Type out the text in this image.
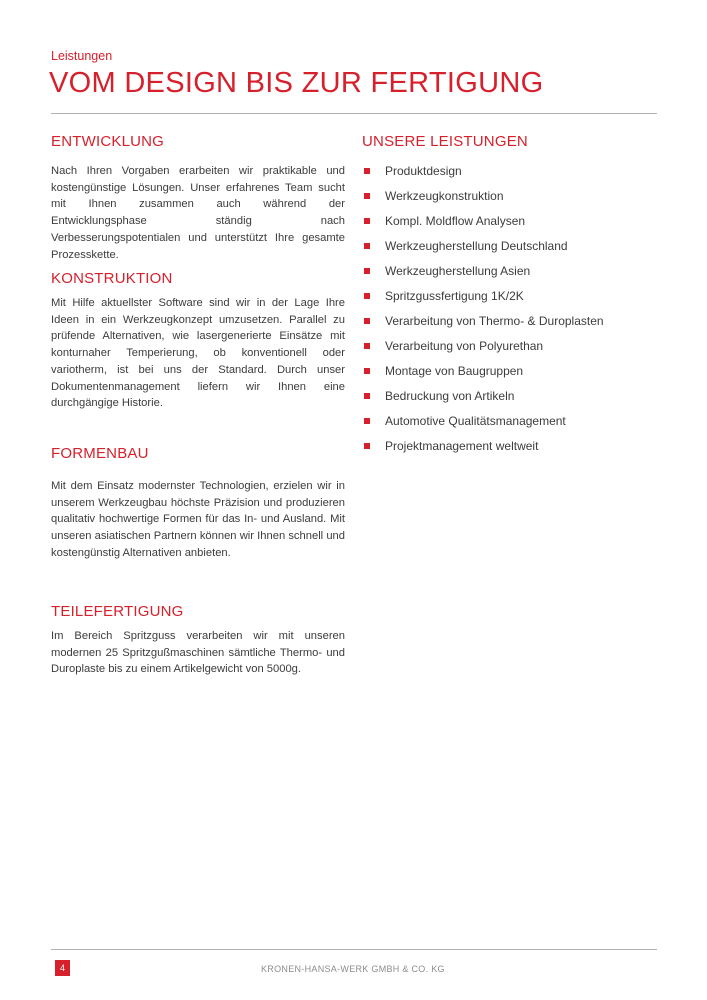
Leistungen
VOM DESIGN BIS ZUR FERTIGUNG
ENTWICKLUNG

Nach Ihren Vorgaben erarbeiten wir praktikable und kostengünstige Lösungen. Unser erfahrenes Team sucht mit Ihnen zusammen auch während der Entwicklungsphase ständig nach Verbesserungspotentialen und unterstützt Ihre gesamte Prozesskette.

KONSTRUKTION

Mit Hilfe aktuellster Software sind wir in der Lage Ihre Ideen in ein Werkzeugkonzept umzusetzen. Parallel zu prüfende Alternativen, wie lasergenerierte Einsätze mit konturnaher Temperierung, ob konventionell oder variotherm, ist bei uns der Standard. Durch unser Dokumentenmanagement liefern wir Ihnen eine durchgängige Historie.

FORMENBAU

Mit dem Einsatz modernster Technologien, erzielen wir in unserem Werkzeugbau höchste Präzision und produzieren qualitativ hochwertige Formen für das In- und Ausland. Mit unseren asiatischen Partnern können wir Ihnen schnell und kostengünstig Alternativen anbieten.

TEILEFERTIGUNG

Im Bereich Spritzguss verarbeiten wir mit unseren modernen 25 Spritzgußmaschinen sämtliche Thermo- und Duroplaste bis zu einem Artikelgewicht von 5000g.

UNSERE LEISTUNGEN
Produktdesign
Werkzeugkonstruktion
Kompl. Moldflow Analysen
Werkzeugherstellung Deutschland
Werkzeugherstellung Asien
Spritzgussfertigung 1K/2K
Verarbeitung von Thermo- & Duroplasten
Verarbeitung von Polyurethan
Montage von Baugruppen
Bedruckung von Artikeln
Automotive Qualitätsmanagement
Projektmanagement weltweit
4	KRONEN-HANSA-WERK GMBH & CO. KG
